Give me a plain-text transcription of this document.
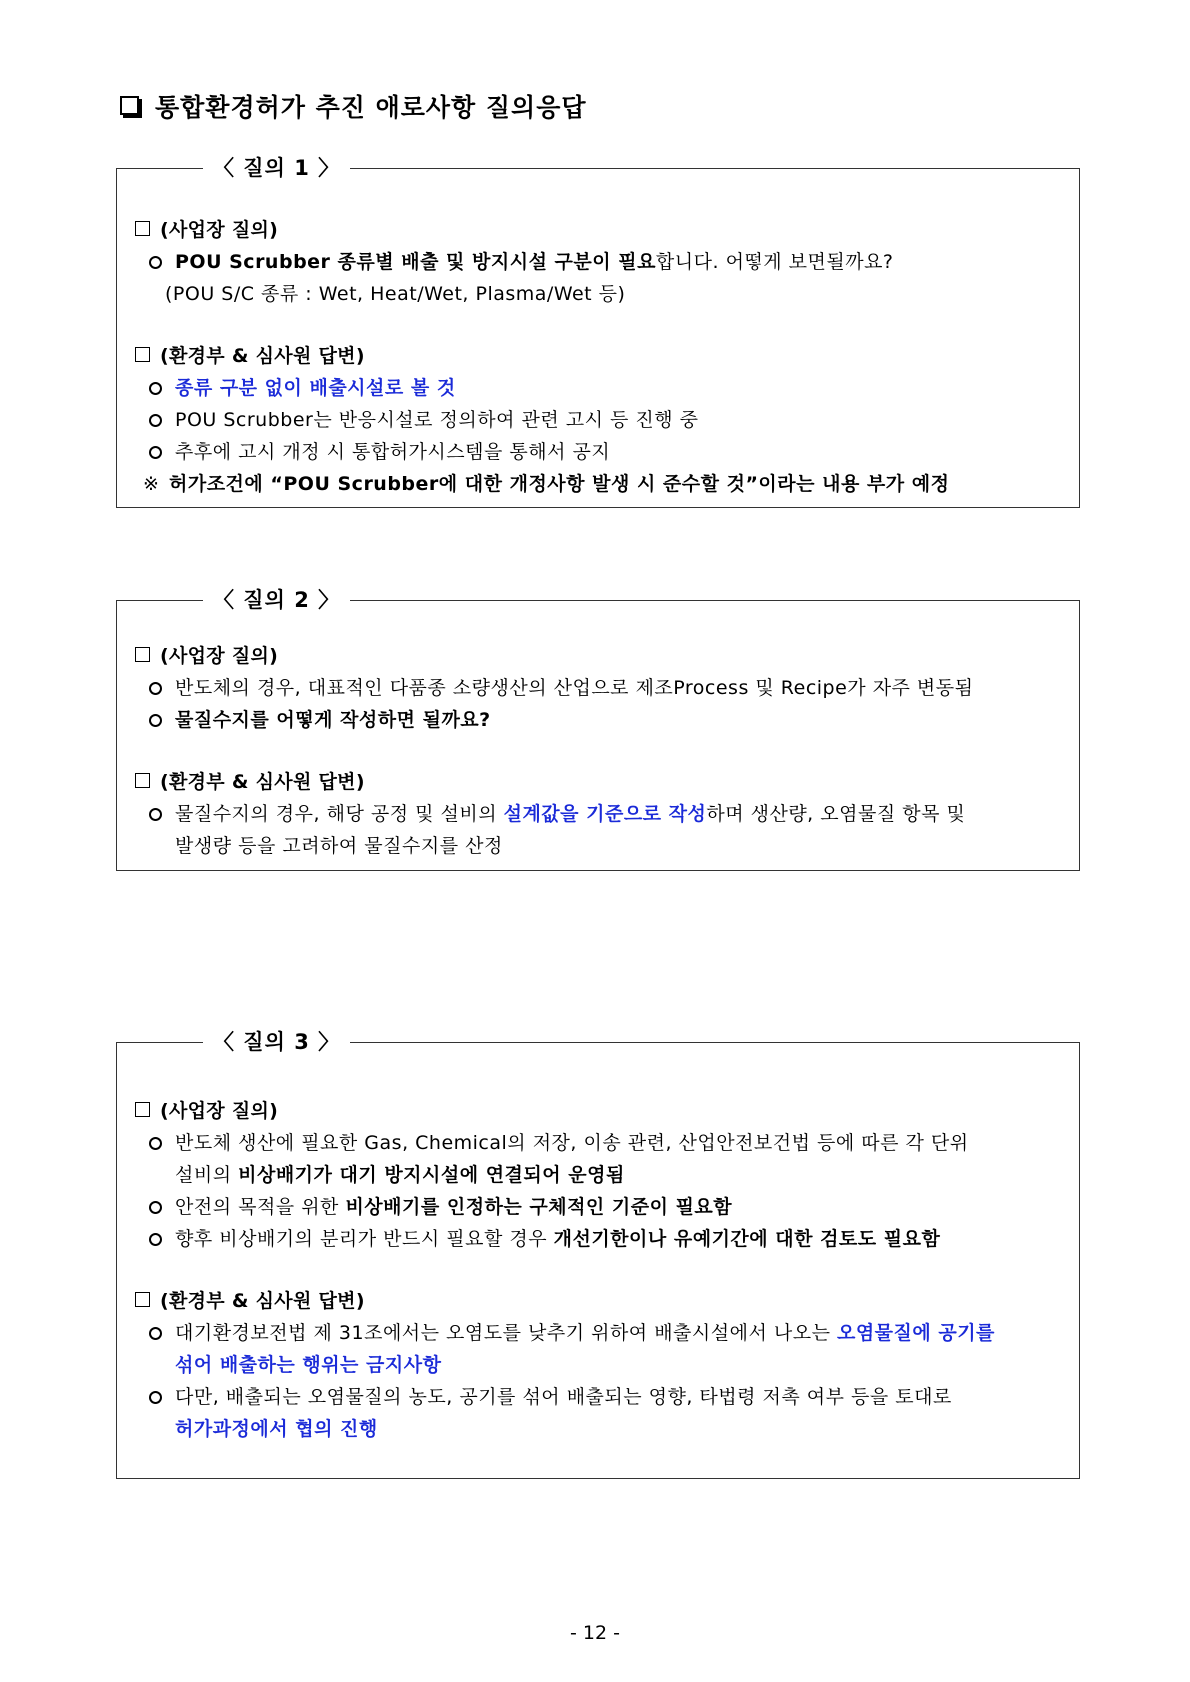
통합환경허가 추진 애로사항 질의응답
〈 질의 1 〉

(사업장 질의)

POU Scrubber 종류별 배출 및 방지시설 구분이 필요합니다. 어떻게 보면될까요?
(POU S/C 종류 : Wet, Heat/Wet, Plasma/Wet 등)

(환경부 & 심사원 답변)

종류 구분 없이 배출시설로 볼 것
POU Scrubber는 반응시설로 정의하여 관련 고시 등 진행 중
추후에 고시 개정 시 통합허가시스템을 통해서 공지
※ 허가조건에 “POU Scrubber에 대한 개정사항 발생 시 준수할 것”이라는 내용 부가 예정
〈 질의 2 〉

(사업장 질의)

반도체의 경우, 대표적인 다품종 소량생산의 산업으로 제조Process 및 Recipe가 자주 변동됨
물질수지를 어떻게 작성하면 될까요?

(환경부 & 심사원 답변)

물질수지의 경우, 해당 공정 및 설비의 설계값을 기준으로 작성하며 생산량, 오염물질 항목 및
발생량 등을 고려하여 물질수지를 산정
〈 질의 3 〉

(사업장 질의)

반도체 생산에 필요한 Gas, Chemical의 저장, 이송 관련, 산업안전보건법 등에 따른 각 단위
설비의 비상배기가 대기 방지시설에 연결되어 운영됨
안전의 목적을 위한 비상배기를 인정하는 구체적인 기준이 필요함
향후 비상배기의 분리가 반드시 필요할 경우 개선기한이나 유예기간에 대한 검토도 필요함

(환경부 & 심사원 답변)

대기환경보전법 제 31조에서는 오염도를 낮추기 위하여 배출시설에서 나오는 오염물질에 공기를
섞어 배출하는 행위는 금지사항
다만, 배출되는 오염물질의 농도, 공기를 섞어 배출되는 영향, 타법령 저촉 여부 등을 토대로
허가과정에서 협의 진행
- 12 -
